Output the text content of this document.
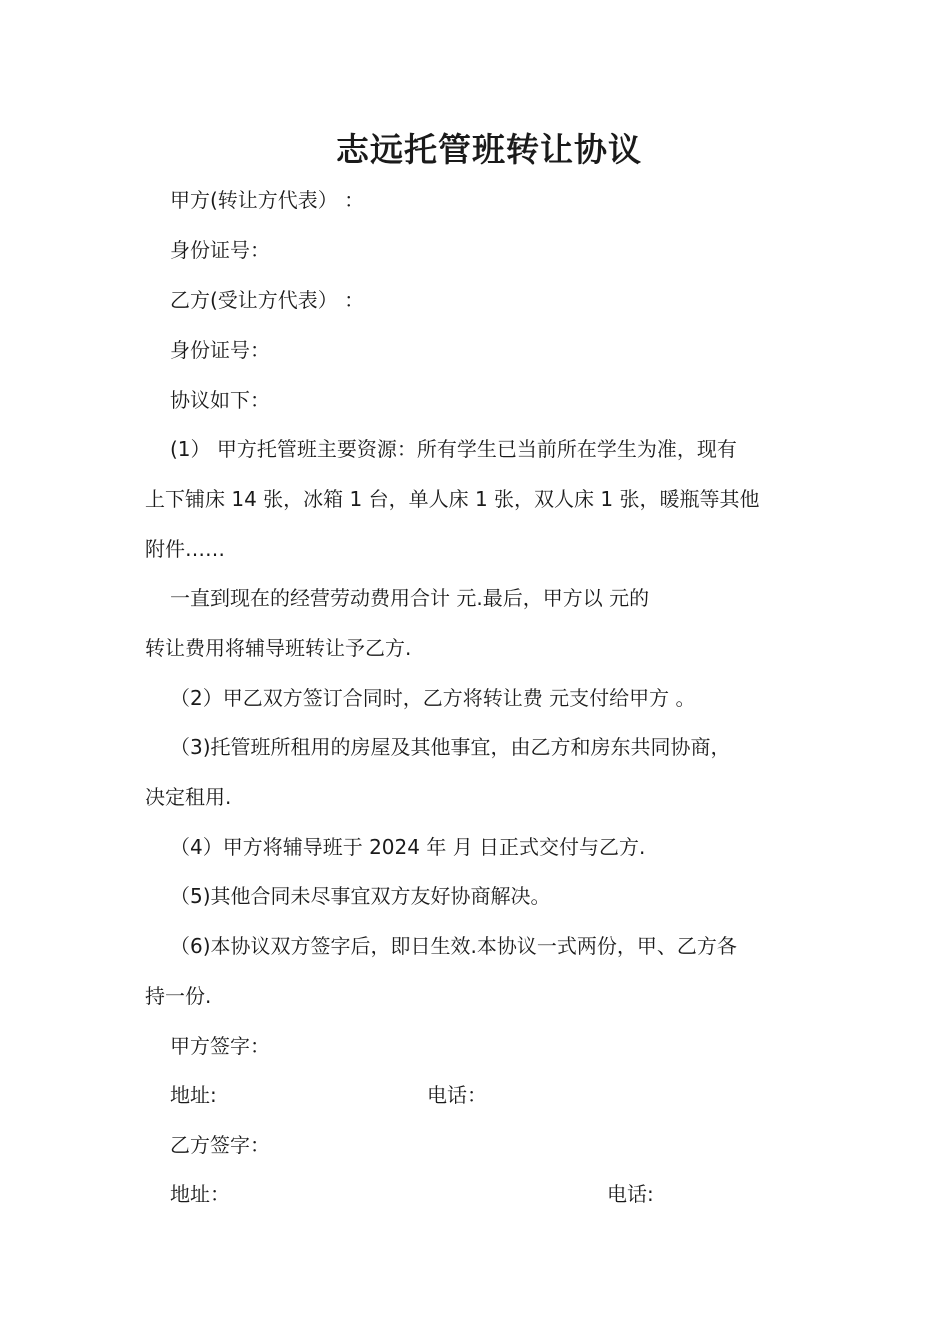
志远托管班转让协议
甲方(转让方代表） ：
身份证号：
乙方(受让方代表） ：
身份证号：
协议如下：
(1） 甲方托管班主要资源：所有学生已当前所在学生为准，现有
上下铺床 14 张，冰箱 1 台，单人床 1 张，双人床 1 张，暖瓶等其他
附件……
一直到现在的经营劳动费用合计 元.最后，甲方以 元的
转让费用将辅导班转让予乙方.
（2）甲乙双方签订合同时，乙方将转让费 元支付给甲方 。
（3)托管班所租用的房屋及其他事宜，由乙方和房东共同协商，
决定租用.
（4）甲方将辅导班于 2024 年 月 日正式交付与乙方.
（5)其他合同未尽事宜双方友好协商解决。
（6)本协议双方签字后，即日生效.本协议一式两份，甲、乙方各
持一份.
甲方签字：
地址:	电话：
乙方签字：
地址：	电话:
